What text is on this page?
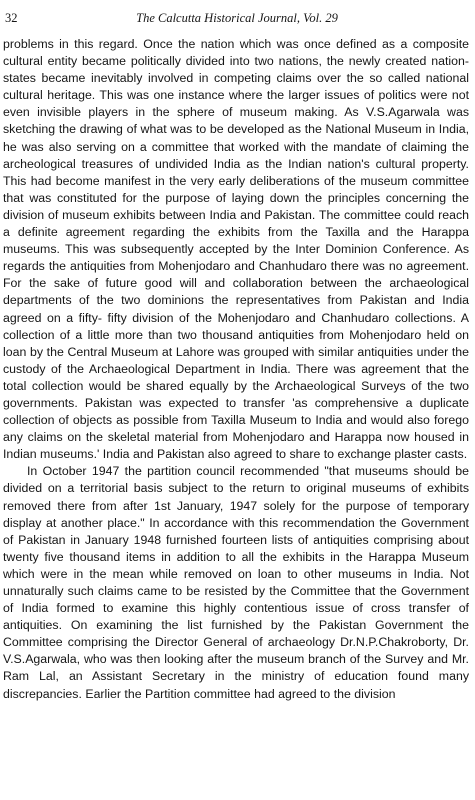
32	The Calcutta Historical Journal, Vol. 29

problems in this regard. Once the nation which was once defined as a composite cultural entity became politically divided into two nations, the newly created nation-states became inevitably involved in competing claims over the so called national cultural heritage. This was one instance where the larger issues of politics were not even invisible players in the sphere of museum making. As V.S.Agarwala was sketching the drawing of what was to be developed as the National Museum in India, he was also serving on a committee that worked with the mandate of claiming the archeological treasures of undivided India as the Indian nation's cultural property. This had become manifest in the very early deliberations of the museum committee that was constituted for the purpose of laying down the principles concerning the division of museum exhibits between India and Pakistan. The committee could reach a definite agreement regarding the exhibits from the Taxilla and the Harappa museums. This was subsequently accepted by the Inter Dominion Conference. As regards the antiquities from Mohenjodaro and Chanhudaro there was no agreement. For the sake of future good will and collaboration between the archaeological departments of the two dominions the representatives from Pakistan and India agreed on a fifty- fifty division of the Mohenjodaro and Chanhudaro collections. A collection of a little more than two thousand antiquities from Mohenjodaro held on loan by the Central Museum at Lahore was grouped with similar antiquities under the custody of the Archaeological Department in India. There was agreement that the total collection would be shared equally by the Archaeological Surveys of the two governments. Pakistan was expected to transfer 'as comprehensive a duplicate collection of objects as possible from Taxilla Museum to India and would also forego any claims on the skeletal material from Mohenjodaro and Harappa now housed in Indian museums.' India and Pakistan also agreed to share to exchange plaster casts.

In October 1947 the partition council recommended "that museums should be divided on a territorial basis subject to the return to original museums of exhibits removed there from after 1st January, 1947 solely for the purpose of temporary display at another place." In accordance with this recommendation the Government of Pakistan in January 1948 furnished fourteen lists of antiquities comprising about twenty five thousand items in addition to all the exhibits in the Harappa Museum which were in the mean while removed on loan to other museums in India. Not unnaturally such claims came to be resisted by the Committee that the Government of India formed to examine this highly contentious issue of cross transfer of antiquities. On examining the list furnished by the Pakistan Government the Committee comprising the Director General of archaeology Dr.N.P.Chakroborty, Dr. V.S.Agarwala, who was then looking after the museum branch of the Survey and Mr. Ram Lal, an Assistant Secretary in the ministry of education found many discrepancies. Earlier the Partition committee had agreed to the division
